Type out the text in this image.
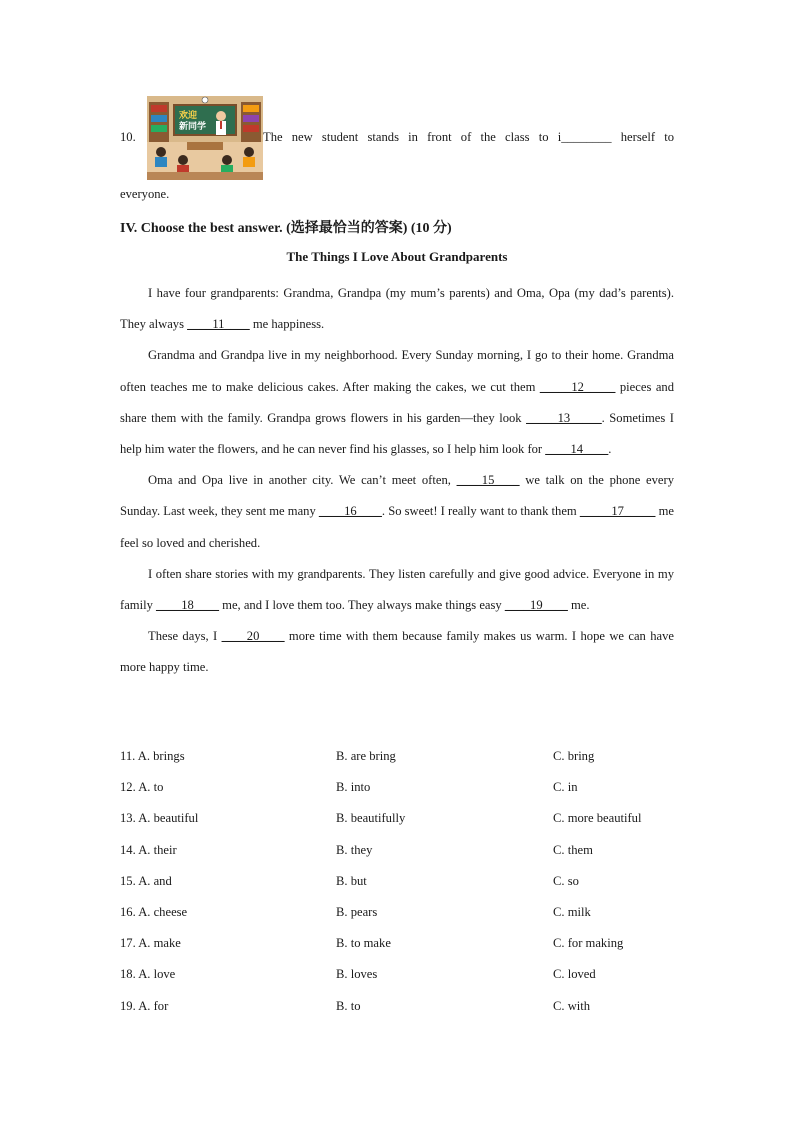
10.
欢迎
新同学
The new student stands in front of the class to i________ herself to
everyone.
IV. Choose the best answer. (选择最恰当的答案) (10 分)
The Things I Love About Grandparents

I have four grandparents: Grandma, Grandpa (my mum’s parents) and Oma, Opa (my dad’s parents). They always ____11____ me happiness.

Grandma and Grandpa live in my neighborhood. Every Sunday morning, I go to their home. Grandma often teaches me to make delicious cakes. After making the cakes, we cut them _____12_____ pieces and share them with the family. Grandpa grows flowers in his garden—they look _____13_____. Sometimes I help him water the flowers, and he can never find his glasses, so I help him look for ____14____.

Oma and Opa live in another city. We can’t meet often, ____15____ we talk on the phone every Sunday. Last week, they sent me many ____16____. So sweet! I really want to thank them _____17_____ me feel so loved and cherished.

I often share stories with my grandparents. They listen carefully and give good advice. Everyone in my family ____18____ me, and I love them too. They always make things easy ____19____ me.

These days, I ____20____ more time with them because family makes us warm. I hope we can have more happy time.

11. A. brings	B. are bring	C. bring
12. A. to	B. into	C. in
13. A. beautiful	B. beautifully	C. more beautiful
14. A. their	B. they	C. them
15. A. and	B. but	C. so
16. A. cheese	B. pears	C. milk
17. A. make	B. to make	C. for making
18. A. love	B. loves	C. loved
19. A. for	B. to	C. with
